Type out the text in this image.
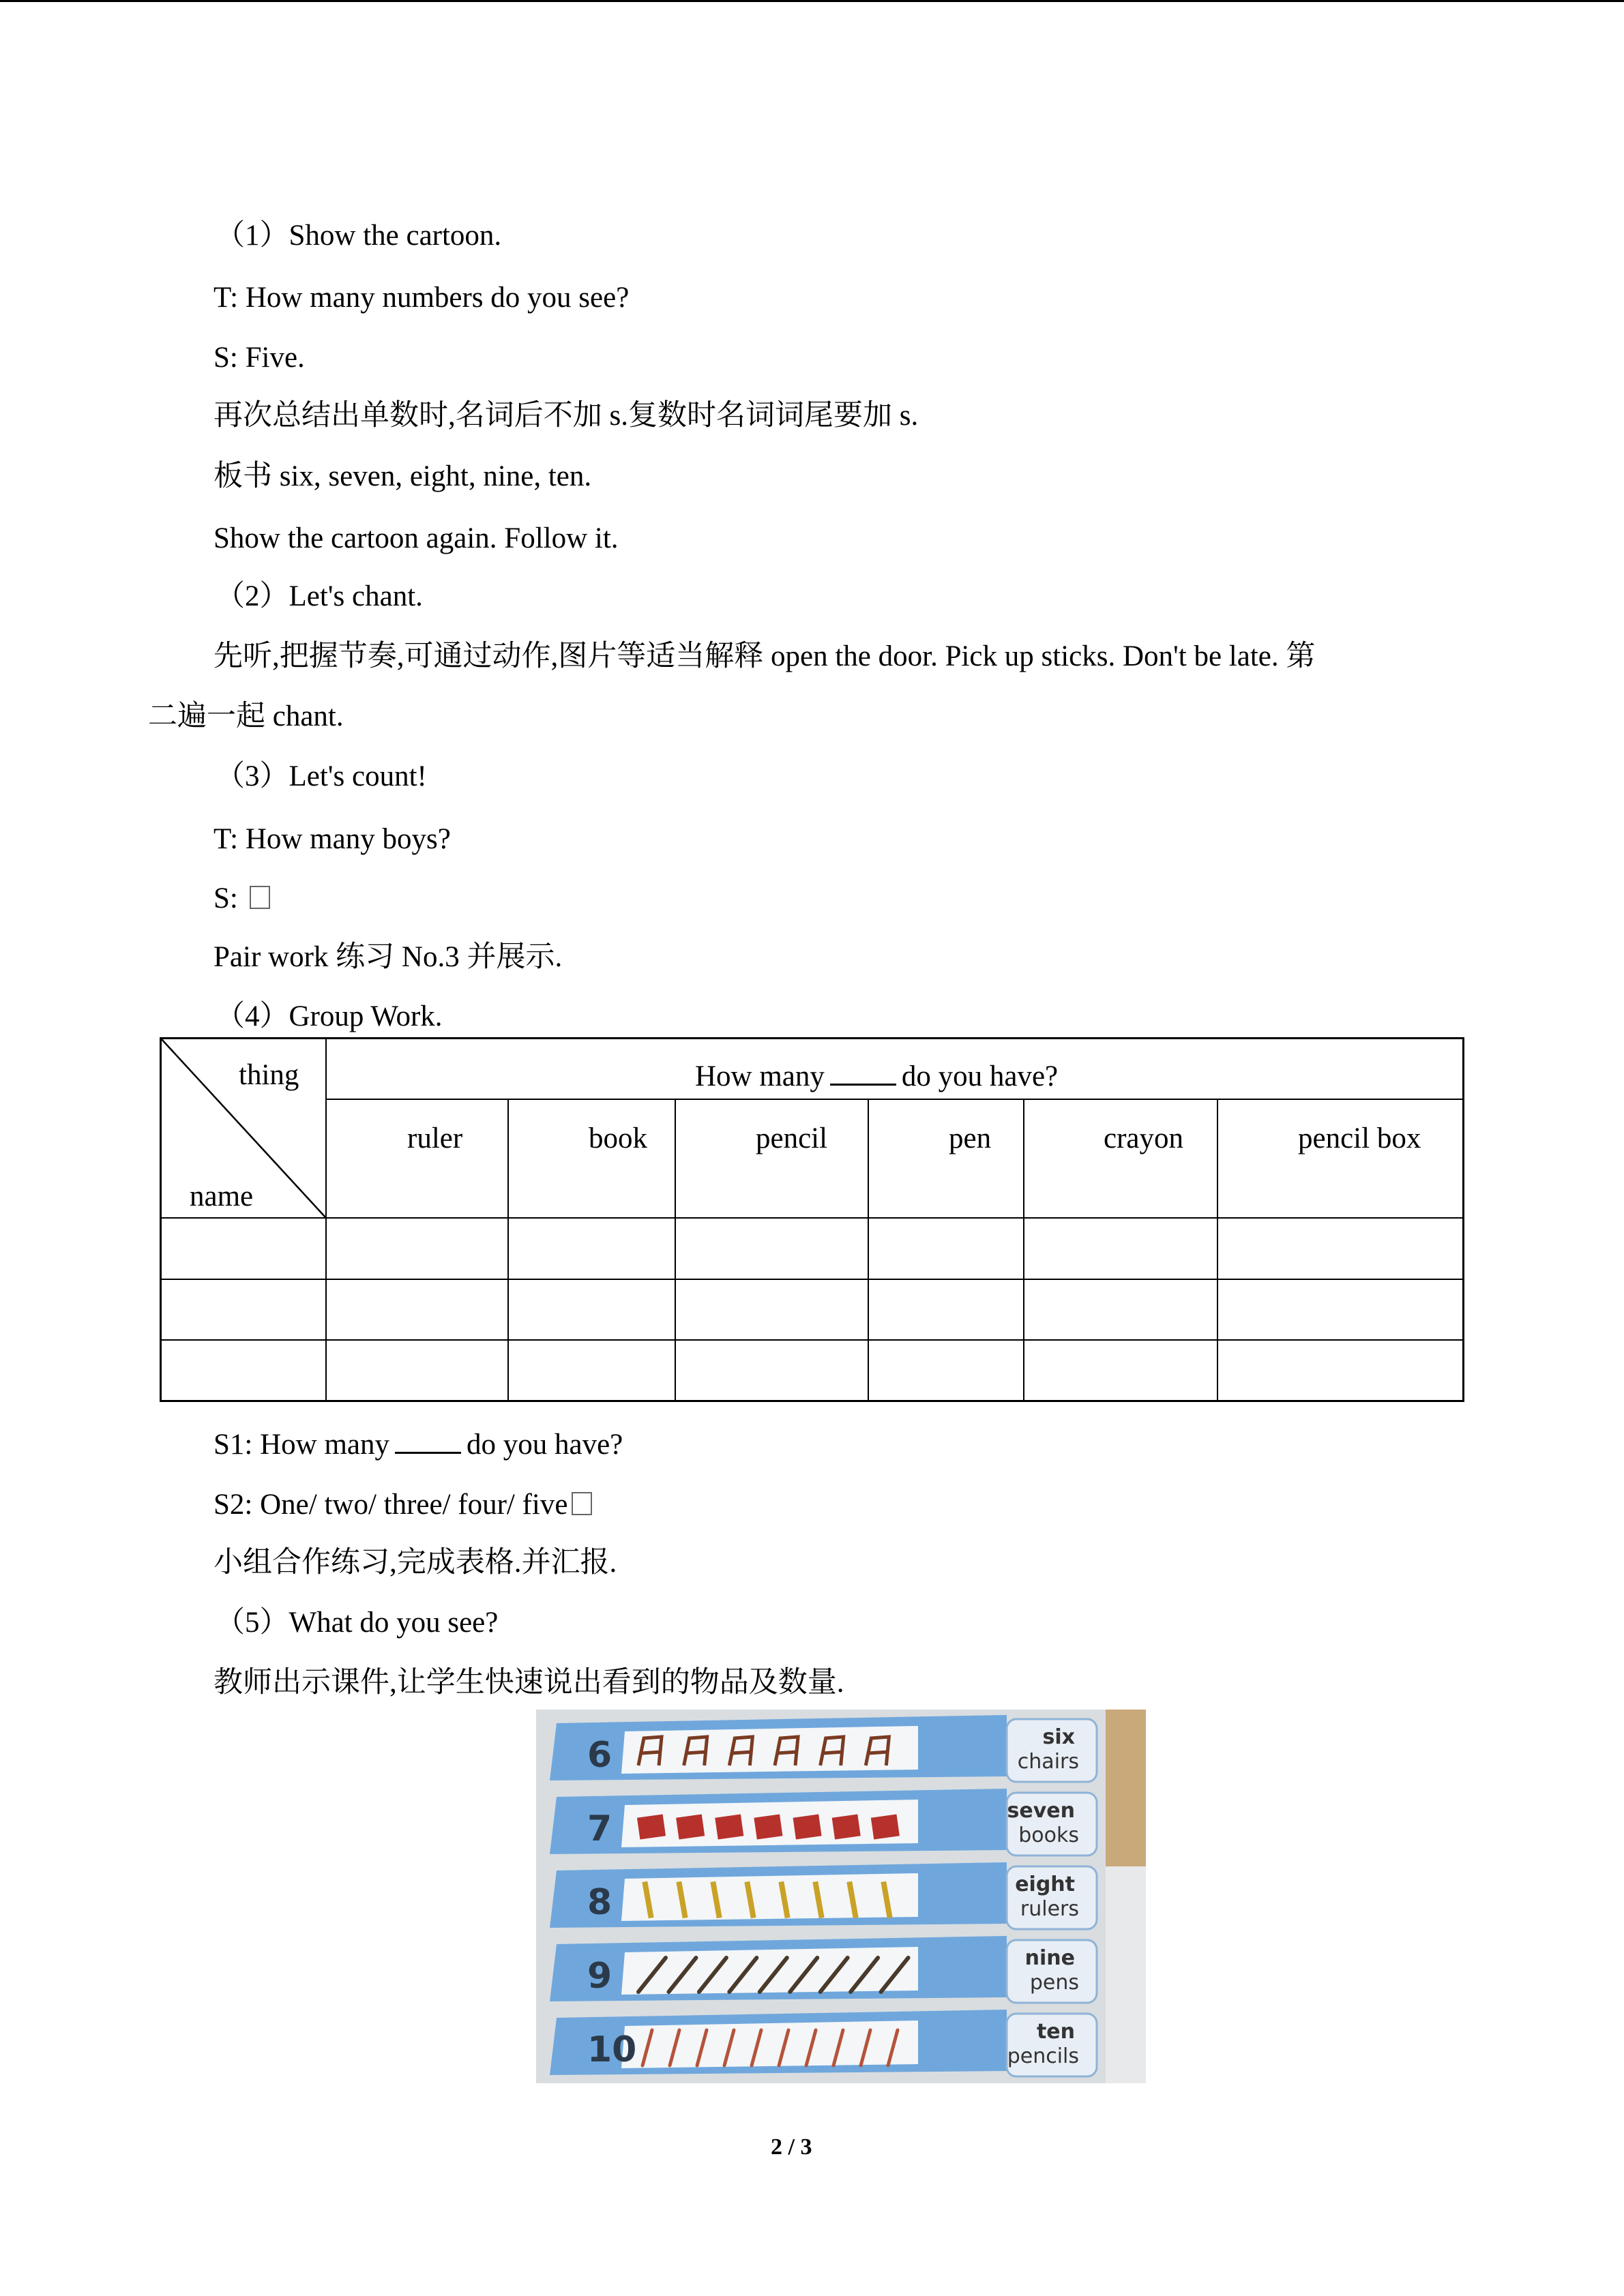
（1）Show the cartoon.
T: How many numbers do you see?
S: Five.
再次总结出单数时,名词后不加 s.复数时名词词尾要加 s.
板书 six, seven, eight, nine, ten.
Show the cartoon again. Follow it.
（2）Let's chant.
先听,把握节奏,可通过动作,图片等适当解释 open the door. Pick up sticks. Don't be late. 第
二遍一起 chant.
（3）Let's count!
T: How many boys?
S:
Pair work 练习 No.3 并展示.
（4）Group Work.
thing
name
How many	do you have?
ruler	book	pencil	pen	crayon	pencil box
S1: How many	do you have?
S2: One/ two/ three/ four/ five
小组合作练习,完成表格.并汇报.
（5）What do you see?
教师出示课件,让学生快速说出看到的物品及数量.
6	six
chairs
7	seven
books
8	eight
rulers
9	nine
pens
10	ten
pencils
2 / 3
